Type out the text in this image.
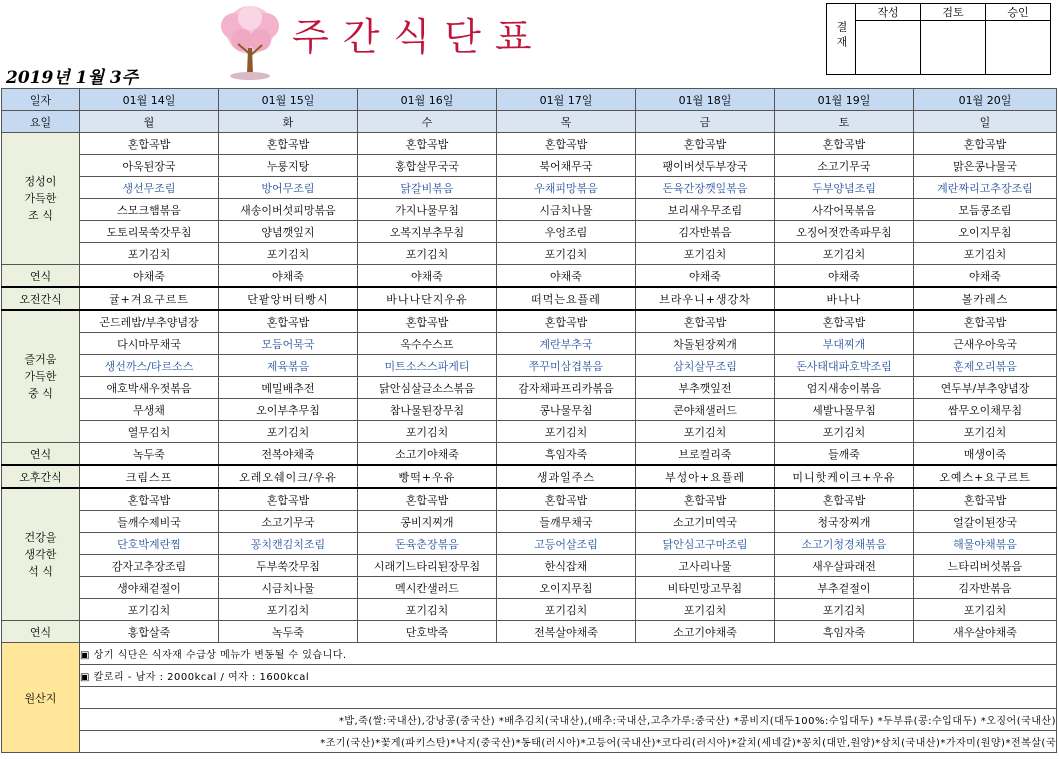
주간식단표
2019년 1월 3주
결재	작성	검토	승인

일자	01월 14일	01월 15일	01월 16일	01월 17일	01월 18일	01월 19일	01월 20일
요일	월	화	수	목	금	토	일
정성이
가득한
조 식	혼합곡밥	혼합곡밥	혼합곡밥	혼합곡밥	혼합곡밥	혼합곡밥	혼합곡밥
	아욱된장국	누룽지탕	홍합살무국국	북어채무국	팽이버섯두부장국	소고기무국	맑은콩나물국
	생선무조림	방어무조림	닭갈비볶음	우채피망볶음	돈육간장깻잎볶음	두부양념조림	계란짜리고추장조림
	스모크햄볶음	새송이버섯피망볶음	가지나물무침	시금치나물	보리새우무조림	사각어묵볶음	모듬콩조림
	도토리묵쑥갓무침	양념깻잎지	오복지부추무침	우엉조림	김자반볶음	오징어젓깐족파무침	오이지무침
	포기김치	포기김치	포기김치	포기김치	포기김치	포기김치	포기김치
연식	야채죽	야채죽	야채죽	야채죽	야채죽	야채죽	야채죽
오전간식	귤+겨요구르트	단팥앙버터빵시	바나나단지우유	떠먹는요플레	브라우니+생강차	바나나	볼카레스
즐거움
가득한
중 식	곤드레밥/부추양념장	혼합곡밥	혼합곡밥	혼합곡밥	혼합곡밥	혼합곡밥	혼합곡밥
	다시마무채국	모듬어묵국	옥수수스프	계란부추국	차돌된장찌개	부대찌개	근새우아욱국
	생선까스/타르소스	제육볶음	미트소스스파게티	쭈꾸미삼겹볶음	삼치살무조림	돈사태대파호박조림	훈제오리볶음
	애호박새우젓볶음	메밀배추전	닭안심살글소스볶음	감자채파프리카볶음	부추깻잎전	엄지새송이볶음	연두부/부추양념장
	무생채	오이부추무침	참나물된장무침	콩나물무침	콘야채샐러드	세발나물무침	쌈무오이채무침
	열무김치	포기김치	포기김치	포기김치	포기김치	포기김치	포기김치
연식	녹두죽	전복야채죽	소고기야채죽	흑임자죽	브로컬리죽	들깨죽	매생이죽
오후간식	크림스프	오레오쉐이크/우유	빵떡+우유	생과일주스	부성아+요플레	미니핫케이크+우유	오예스+요구르트
건강을
생각한
석 식	혼합곡밥	혼합곡밥	혼합곡밥	혼합곡밥	혼합곡밥	혼합곡밥	혼합곡밥
	들깨수제비국	소고기무국	콩비지찌개	들깨무채국	소고기미역국	청국장찌개	얼갈이된장국
	단호박계란찜	꽁치캔김치조림	돈육춘장볶음	고등어살조림	닭안심고구마조림	소고기청경채볶음	해물야채볶음
	감자고추장조림	두부쑥갓무침	시래기느타리된장무침	한식잡채	고사리나물	새우살파래전	느타리버섯볶음
	생야채겉절이	시금치나물	멕시칸샐러드	오이지무침	비타민망고무침	부추겉절이	김자반볶음
	포기김치	포기김치	포기김치	포기김치	포기김치	포기김치	포기김치
연식	홍합살죽	녹두죽	단호박죽	전복살야채죽	소고기야채죽	흑임자죽	새우살야채죽
원산지	▣ 상기 식단은 식자재 수급상 메뉴가 변동될 수 있습니다.						
	▣ 칼로리 - 남자 : 2000kcal / 여자 : 1600kcal						

	*밥,죽(쌀:국내산),강낭콩(중국산) *배추김치(국내산),(배추:국내산,고추가루:중국산) *콩비지(대두100%:수입대두) *두부류(콩:수입대두) *오징어(국내산)						
	*조기(국산)*꽃게(파키스탄)*낙지(중국산)*동태(러시아)*고등어(국내산)*코다리(러시아)*갈치(세네갈)*꽁치(대만,원양)*삼치(국내산)*가자미(원양)*전복살(국						
